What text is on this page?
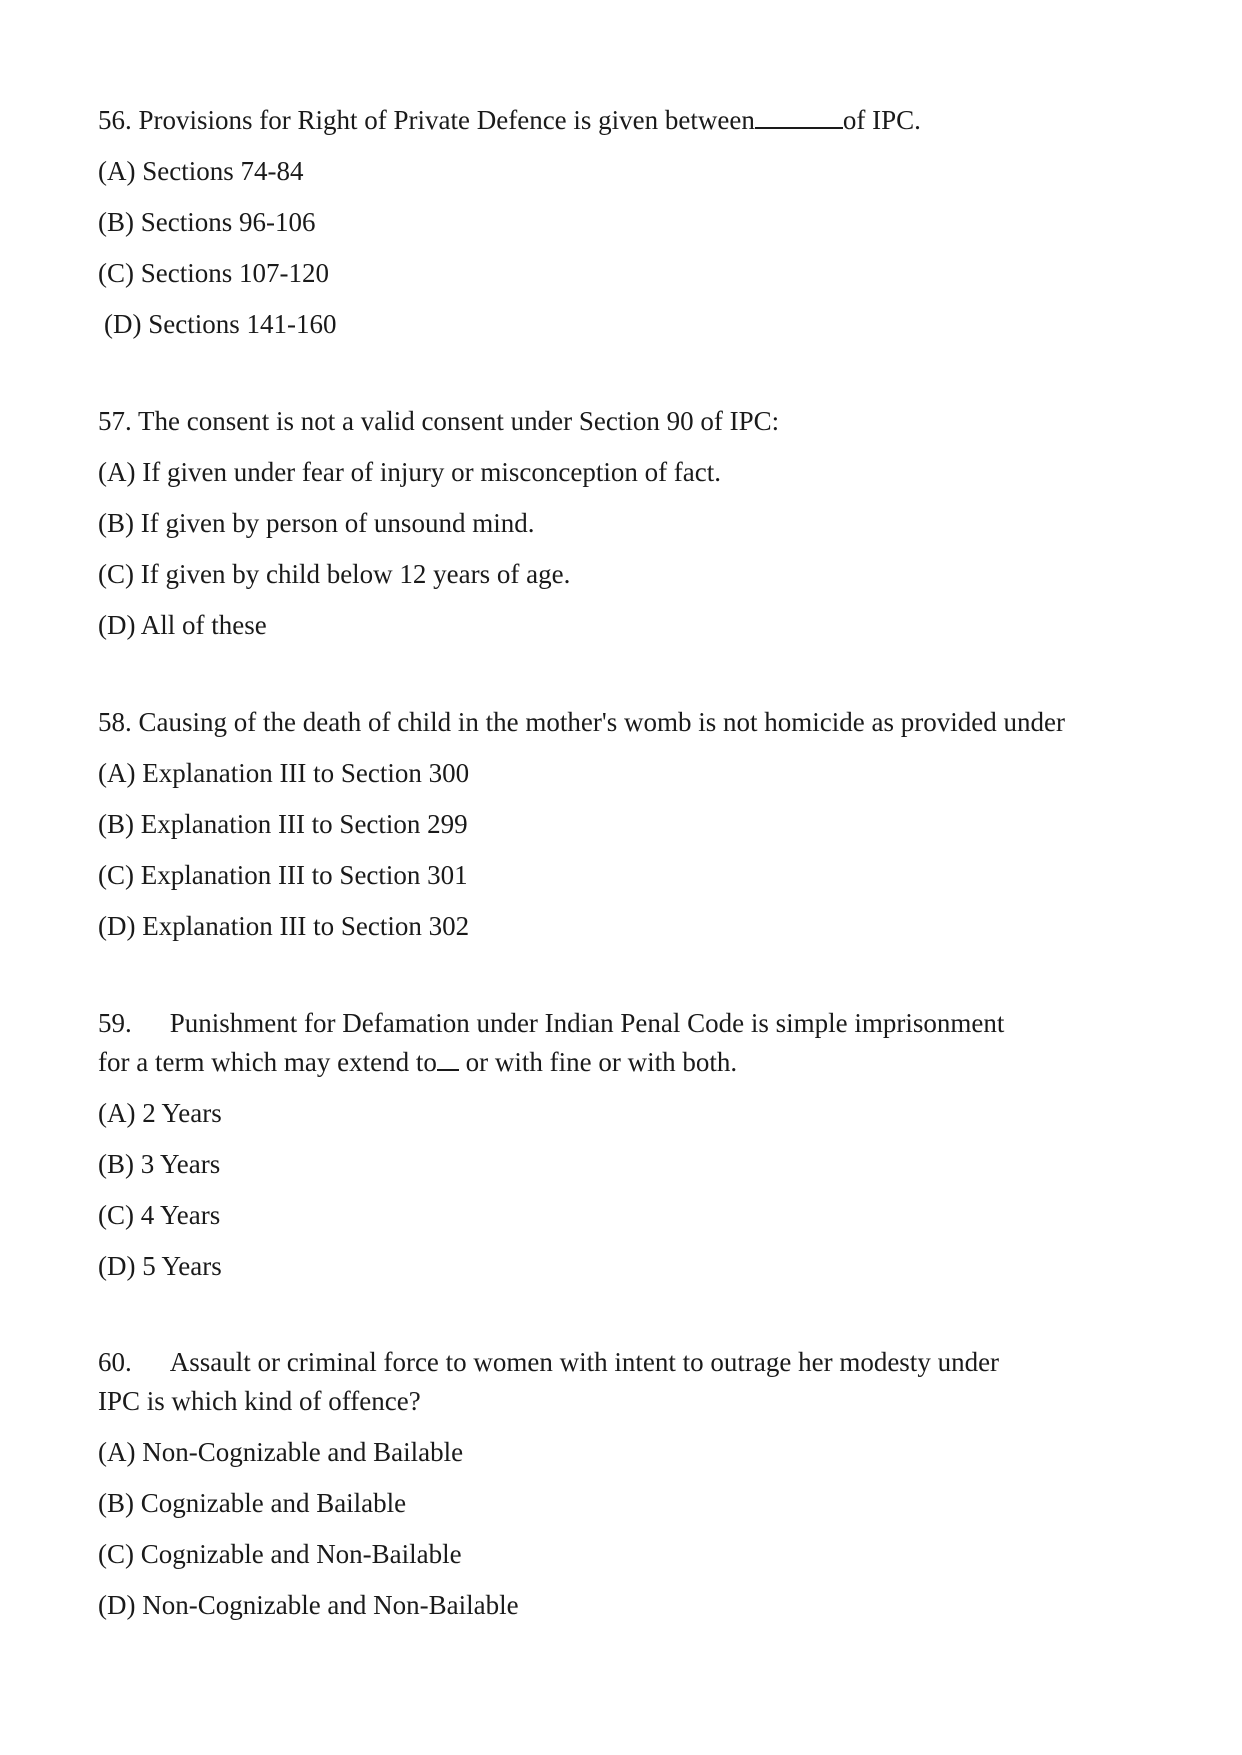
56. Provisions for Right of Private Defence is given between	of IPC.
(A) Sections 74-84
(B) Sections 96-106
(C) Sections 107-120
(D) Sections 141-160
57. The consent is not a valid consent under Section 90 of IPC:
(A) If given under fear of injury or misconception of fact.
(B) If given by person of unsound mind.
(C) If given by child below 12 years of age.
(D) All of these
58. Causing of the death of child in the mother's womb is not homicide as provided under
(A) Explanation III to Section 300
(B) Explanation III to Section 299
(C) Explanation III to Section 301
(D) Explanation III to Section 302
59. Punishment for Defamation under Indian Penal Code is simple imprisonment
for a term which may extend to or with fine or with both.
(A) 2 Years
(B) 3 Years
(C) 4 Years
(D) 5 Years
60. Assault or criminal force to women with intent to outrage her modesty under
IPC is which kind of offence?
(A) Non-Cognizable and Bailable
(B) Cognizable and Bailable
(C) Cognizable and Non-Bailable
(D) Non-Cognizable and Non-Bailable
